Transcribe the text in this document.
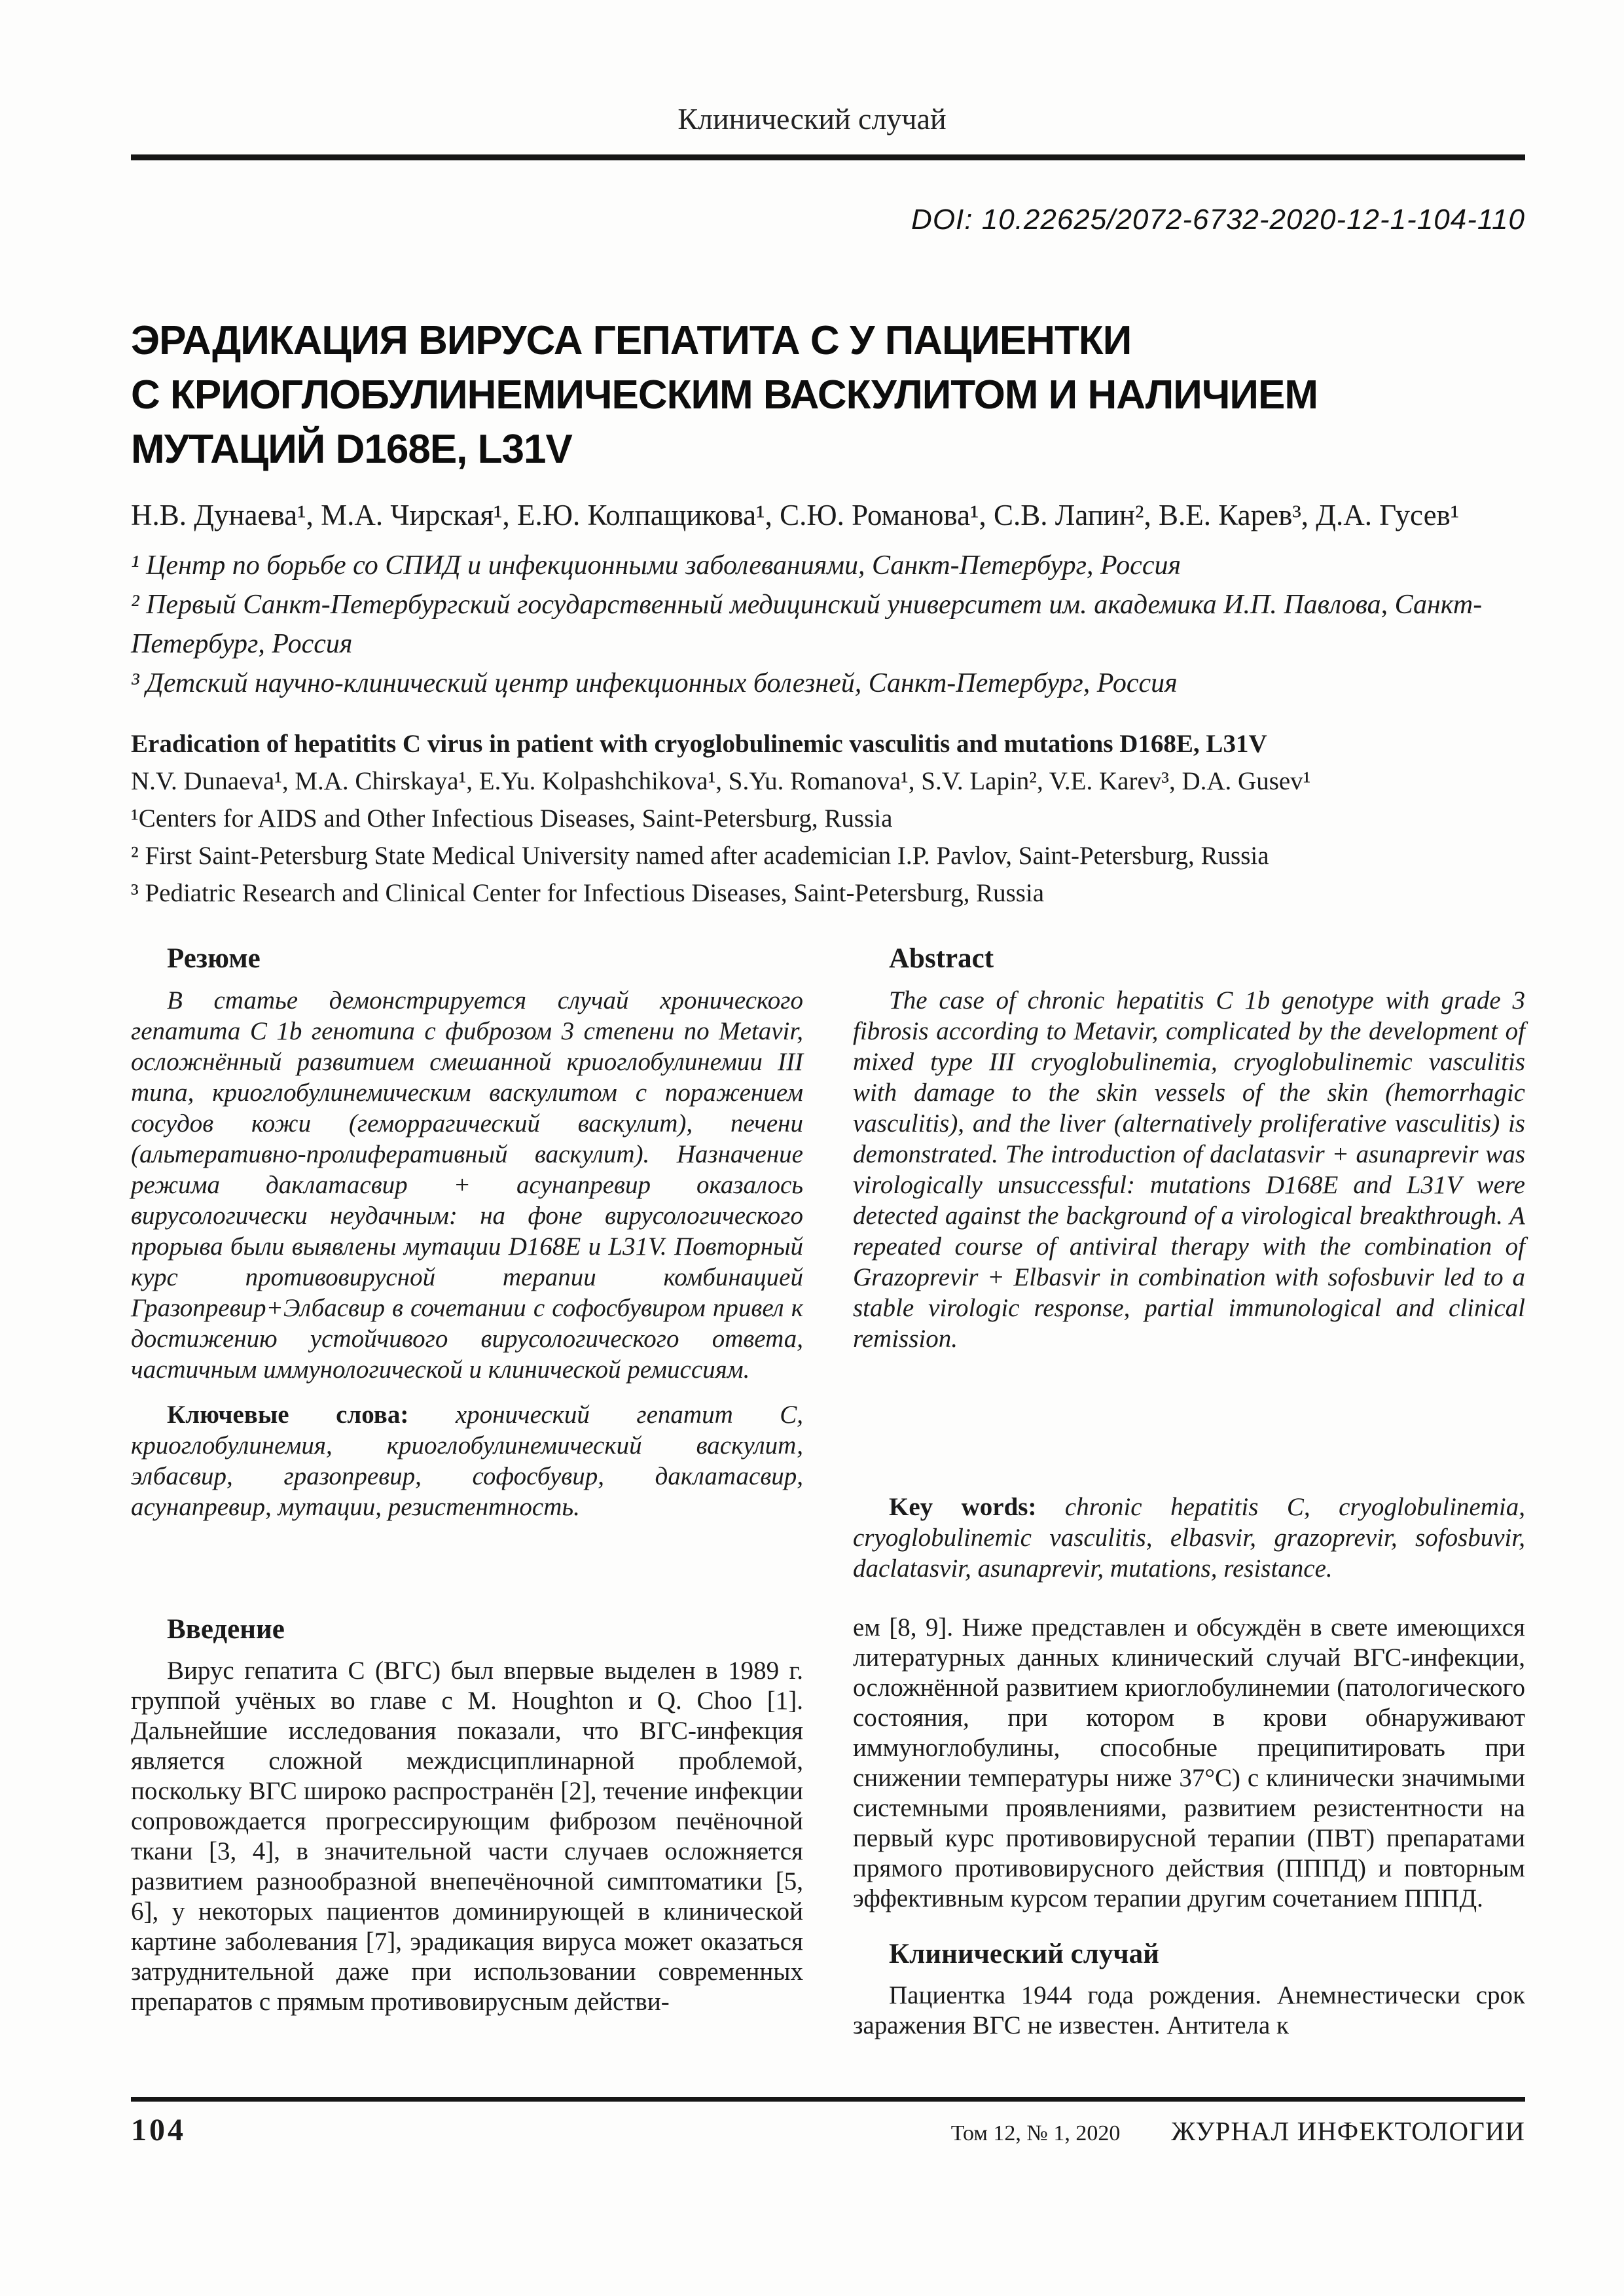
Клинический случай
DOI: 10.22625/2072-6732-2020-12-1-104-110
ЭРАДИКАЦИЯ ВИРУСА ГЕПАТИТА С У ПАЦИЕНТКИ
С КРИОГЛОБУЛИНЕМИЧЕСКИМ ВАСКУЛИТОМ И НАЛИЧИЕМ
МУТАЦИЙ D168E, L31V
Н.В. Дунаева¹, М.А. Чирская¹, Е.Ю. Колпащикова¹, С.Ю. Романова¹, С.В. Лапин², В.Е. Карев³, Д.А. Гусев¹
¹ Центр по борьбе со СПИД и инфекционными заболеваниями, Санкт-Петербург, Россия
² Первый Санкт-Петербургский государственный медицинский университет им. академика И.П. Павлова, Санкт-Петербург, Россия
³ Детский научно-клинический центр инфекционных болезней, Санкт-Петербург, Россия
Eradication of hepatitits C virus in patient with cryoglobulinemic vasculitis and mutations D168E, L31V
N.V. Dunaeva¹, M.A. Chirskaya¹, E.Yu. Kolpashchikova¹, S.Yu. Romanova¹, S.V. Lapin², V.E. Karev³, D.A. Gusev¹
¹Centers for AIDS and Other Infectious Diseases, Saint-Petersburg, Russia
² First Saint-Petersburg State Medical University named after academician I.P. Pavlov, Saint-Petersburg, Russia
³ Pediatric Research and Clinical Center for Infectious Diseases, Saint-Petersburg, Russia
Резюме

В статье демонстрируется случай хронического гепатита С 1b генотипа с фиброзом 3 степени по Metavir, осложнённый развитием смешанной криоглобулинемии III типа, криоглобулинемическим васкулитом с поражением сосудов кожи (геморрагический васкулит), печени (альтеративно-пролиферативный васкулит). Назначение режима даклатасвир + асунапревир оказалось вирусологически неудачным: на фоне вирусологического прорыва были выявлены мутации D168E и L31V. Повторный курс противовирусной терапии комбинацией Гразопревир+Элбасвир в сочетании с софосбувиром привел к достижению устойчивого вирусологического ответа, частичным иммунологической и клинической ремиссиям.

Ключевые слова: хронический гепатит С, криоглобулинемия, криоглобулинемический васкулит, элбасвир, гразопревир, софосбувир, даклатасвир, асунапревир, мутации, резистентность.

Abstract

The case of chronic hepatitis C 1b genotype with grade 3 fibrosis according to Metavir, complicated by the development of mixed type III cryoglobulinemia, cryoglobulinemic vasculitis with damage to the skin vessels of the skin (hemorrhagic vasculitis), and the liver (alternatively proliferative vasculitis) is demonstrated. The introduction of daclatasvir + asunaprevir was virologically unsuccessful: mutations D168E and L31V were detected against the background of a virological breakthrough. A repeated course of antiviral therapy with the combination of Grazoprevir + Elbasvir in combination with sofosbuvir led to a stable virologic response, partial immunological and clinical remission.

Key words: chronic hepatitis C, cryoglobulinemia, cryoglobulinemic vasculitis, elbasvir, grazoprevir, sofosbuvir, daclatasvir, asunaprevir, mutations, resistance.

Введение

Вирус гепатита С (ВГС) был впервые выделен в 1989 г. группой учёных во главе с M. Houghton и Q. Choo [1]. Дальнейшие исследования показали, что ВГС-инфекция является сложной междисциплинарной проблемой, поскольку ВГС широко распространён [2], течение инфекции сопровождается прогрессирующим фиброзом печёночной ткани [3, 4], в значительной части случаев осложняется развитием разнообразной внепечёночной симптоматики [5, 6], у некоторых пациентов доминирующей в клинической картине заболевания [7], эрадикация вируса может оказаться затруднительной даже при использовании современных препаратов с прямым противовирусным действи-

ем [8, 9]. Ниже представлен и обсуждён в свете имеющихся литературных данных клинический случай ВГС-инфекции, осложнённой развитием криоглобулинемии (патологического состояния, при котором в крови обнаруживают иммуноглобулины, способные преципитировать при снижении температуры ниже 37°С) с клинически значимыми системными проявлениями, развитием резистентности на первый курс противовирусной терапии (ПВТ) препаратами прямого противовирусного действия (ПППД) и повторным эффективным курсом терапии другим сочетанием ПППД.

Клинический случай

Пациентка 1944 года рождения. Анемнестически срок заражения ВГС не известен. Антитела к

104	Том 12, № 1, 2020 ЖУРНАЛ ИНФЕКТОЛОГИИ
